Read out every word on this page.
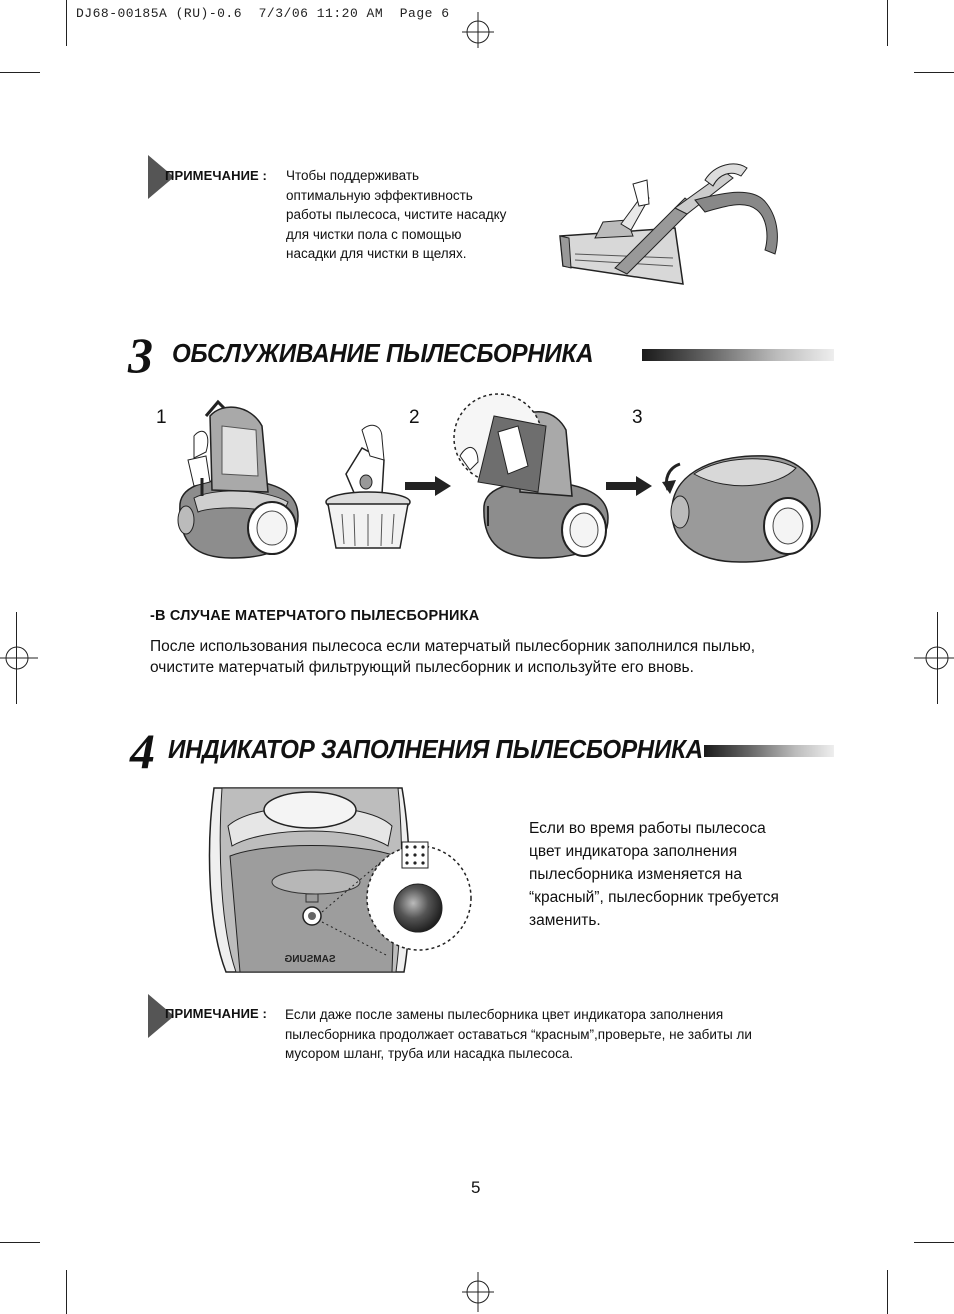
DJ68-00185A (RU)-0.6  7/3/06 11:20 AM  Page 6
ПРИМЕЧАНИЕ : Чтобы поддерживать
оптимальную эффективность
работы пылесоса, чистите насадку
для чистки пола с помощью
насадки для чистки в щелях.
3 ОБСЛУЖИВАНИЕ ПЫЛЕСБОРНИКА
1	2	3
-В СЛУЧАЕ МАТЕРЧАТОГО ПЫЛЕСБОРНИКА
После использования пылесоса если матерчатый пылесборник заполнился пылью,
очистите матерчатый фильтрующий пылесборник и используйте его вновь.
4 ИНДИКАТОР ЗАПОЛНЕНИЯ ПЫЛЕСБОРНИКА
SAMSUNG
Если во время работы пылесоса
цвет индикатора заполнения
пылесборника изменяется на
“красный”, пылесборник требуется
заменить.
ПРИМЕЧАНИЕ : Если даже после замены пылесборника цвет индикатора заполнения
пылесборника продолжает оставаться “красным”,проверьте, не забиты ли
мусором шланг, труба или насадка пылесоса.
5
